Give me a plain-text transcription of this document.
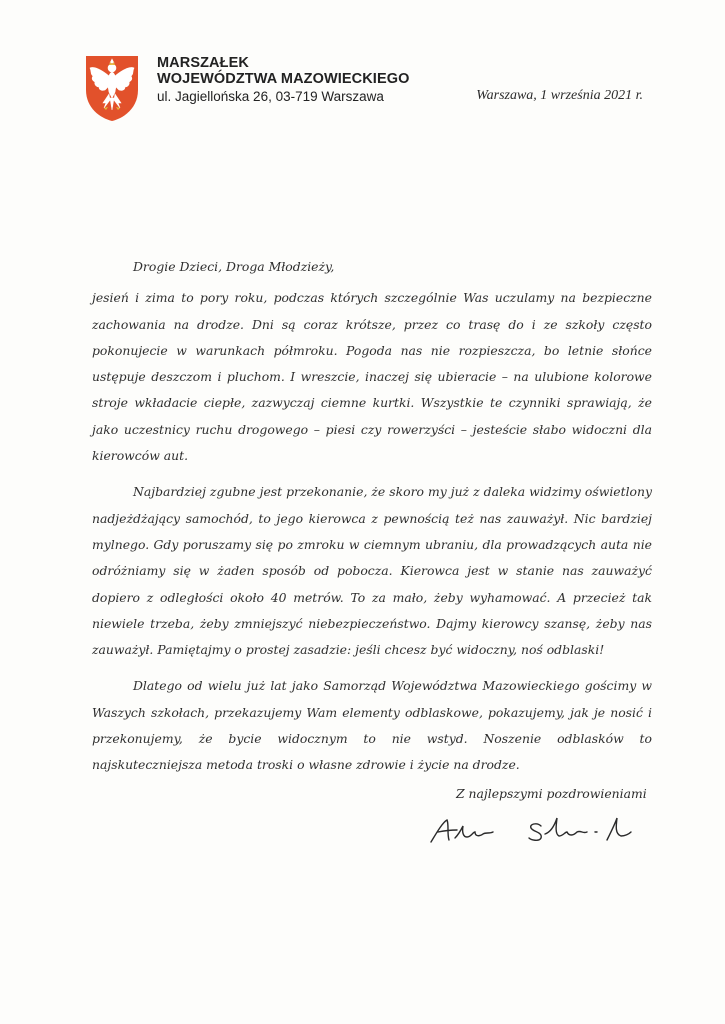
MARSZAŁEK
WOJEWÓDZTWA MAZOWIECKIEGO
ul. Jagiellońska 26, 03-719 Warszawa	Warszawa, 1 września 2021 r.

Drogie Dzieci, Droga Młodzieży,

jesień i zima to pory roku, podczas których szczególnie Was uczulamy na bezpieczne zachowania na drodze. Dni są coraz krótsze, przez co trasę do i ze szkoły często pokonujecie w warunkach półmroku. Pogoda nas nie rozpieszcza, bo letnie słońce ustępuje deszczom i pluchom. I wreszcie, inaczej się ubieracie – na ulubione kolorowe stroje wkładacie ciepłe, zazwyczaj ciemne kurtki. Wszystkie te czynniki sprawiają, że jako uczestnicy ruchu drogowego – piesi czy rowerzyści – jesteście słabo widoczni dla kierowców aut.

Najbardziej zgubne jest przekonanie, że skoro my już z daleka widzimy oświetlony nadjeżdżający samochód, to jego kierowca z pewnością też nas zauważył. Nic bardziej mylnego. Gdy poruszamy się po zmroku w ciemnym ubraniu, dla prowadzących auta nie odróżniamy się w żaden sposób od pobocza. Kierowca jest w stanie nas zauważyć dopiero z odległości około 40 metrów. To za mało, żeby wyhamować. A przecież tak niewiele trzeba, żeby zmniejszyć niebezpieczeństwo. Dajmy kierowcy szansę, żeby nas zauważył. Pamiętajmy o prostej zasadzie: jeśli chcesz być widoczny, noś odblaski!

Dlatego od wielu już lat jako Samorząd Województwa Mazowieckiego gościmy w Waszych szkołach, przekazujemy Wam elementy odblaskowe, pokazujemy, jak je nosić i przekonujemy, że bycie widocznym to nie wstyd. Noszenie odblasków to najskuteczniejsza metoda troski o własne zdrowie i życie na drodze.

Z najlepszymi pozdrowieniami
